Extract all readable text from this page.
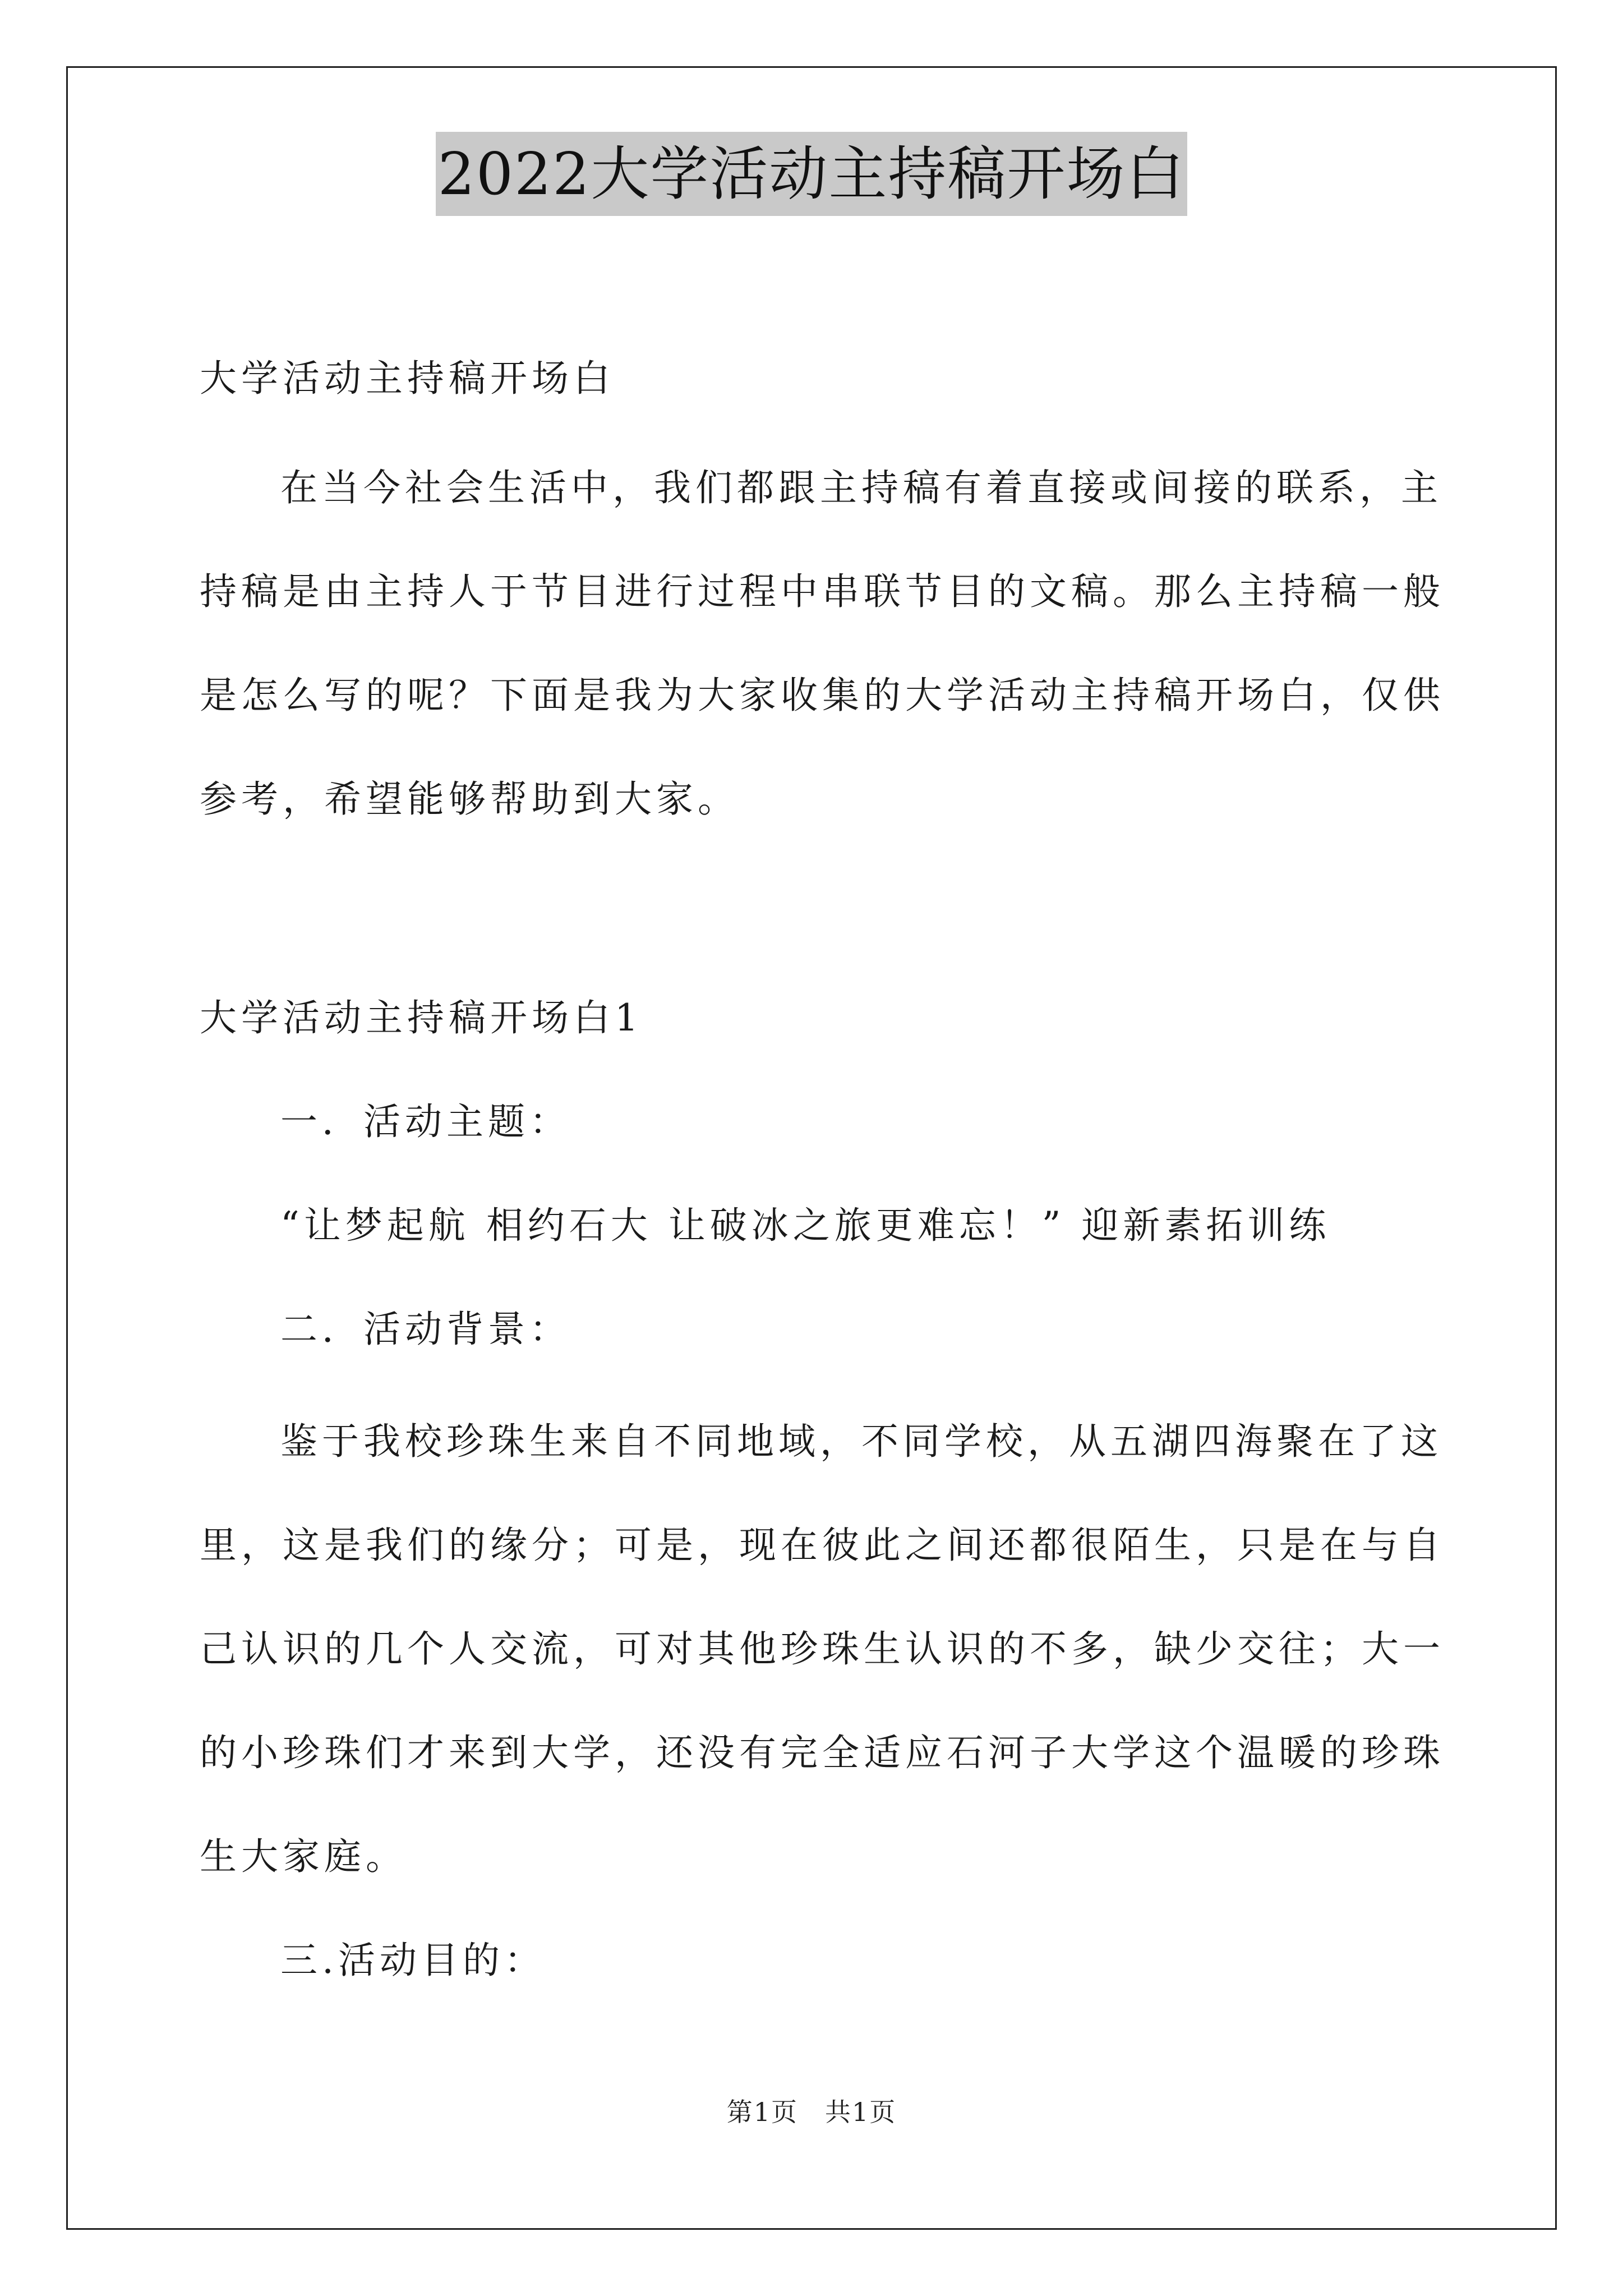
2022大学活动主持稿开场白
大学活动主持稿开场白
在当今社会生活中，我们都跟主持稿有着直接或间接的联系，主
持稿是由主持人于节目进行过程中串联节目的文稿。那么主持稿一般
是怎么写的呢？下面是我为大家收集的大学活动主持稿开场白，仅供
参考，希望能够帮助到大家。
大学活动主持稿开场白1
一．活动主题：
“让梦起航 相约石大 让破冰之旅更难忘！” 迎新素拓训练
二．活动背景：
鉴于我校珍珠生来自不同地域，不同学校，从五湖四海聚在了这
里，这是我们的缘分；可是，现在彼此之间还都很陌生，只是在与自
己认识的几个人交流，可对其他珍珠生认识的不多，缺少交往；大一
的小珍珠们才来到大学，还没有完全适应石河子大学这个温暖的珍珠
生大家庭。
三.活动目的：
第1页　共1页
